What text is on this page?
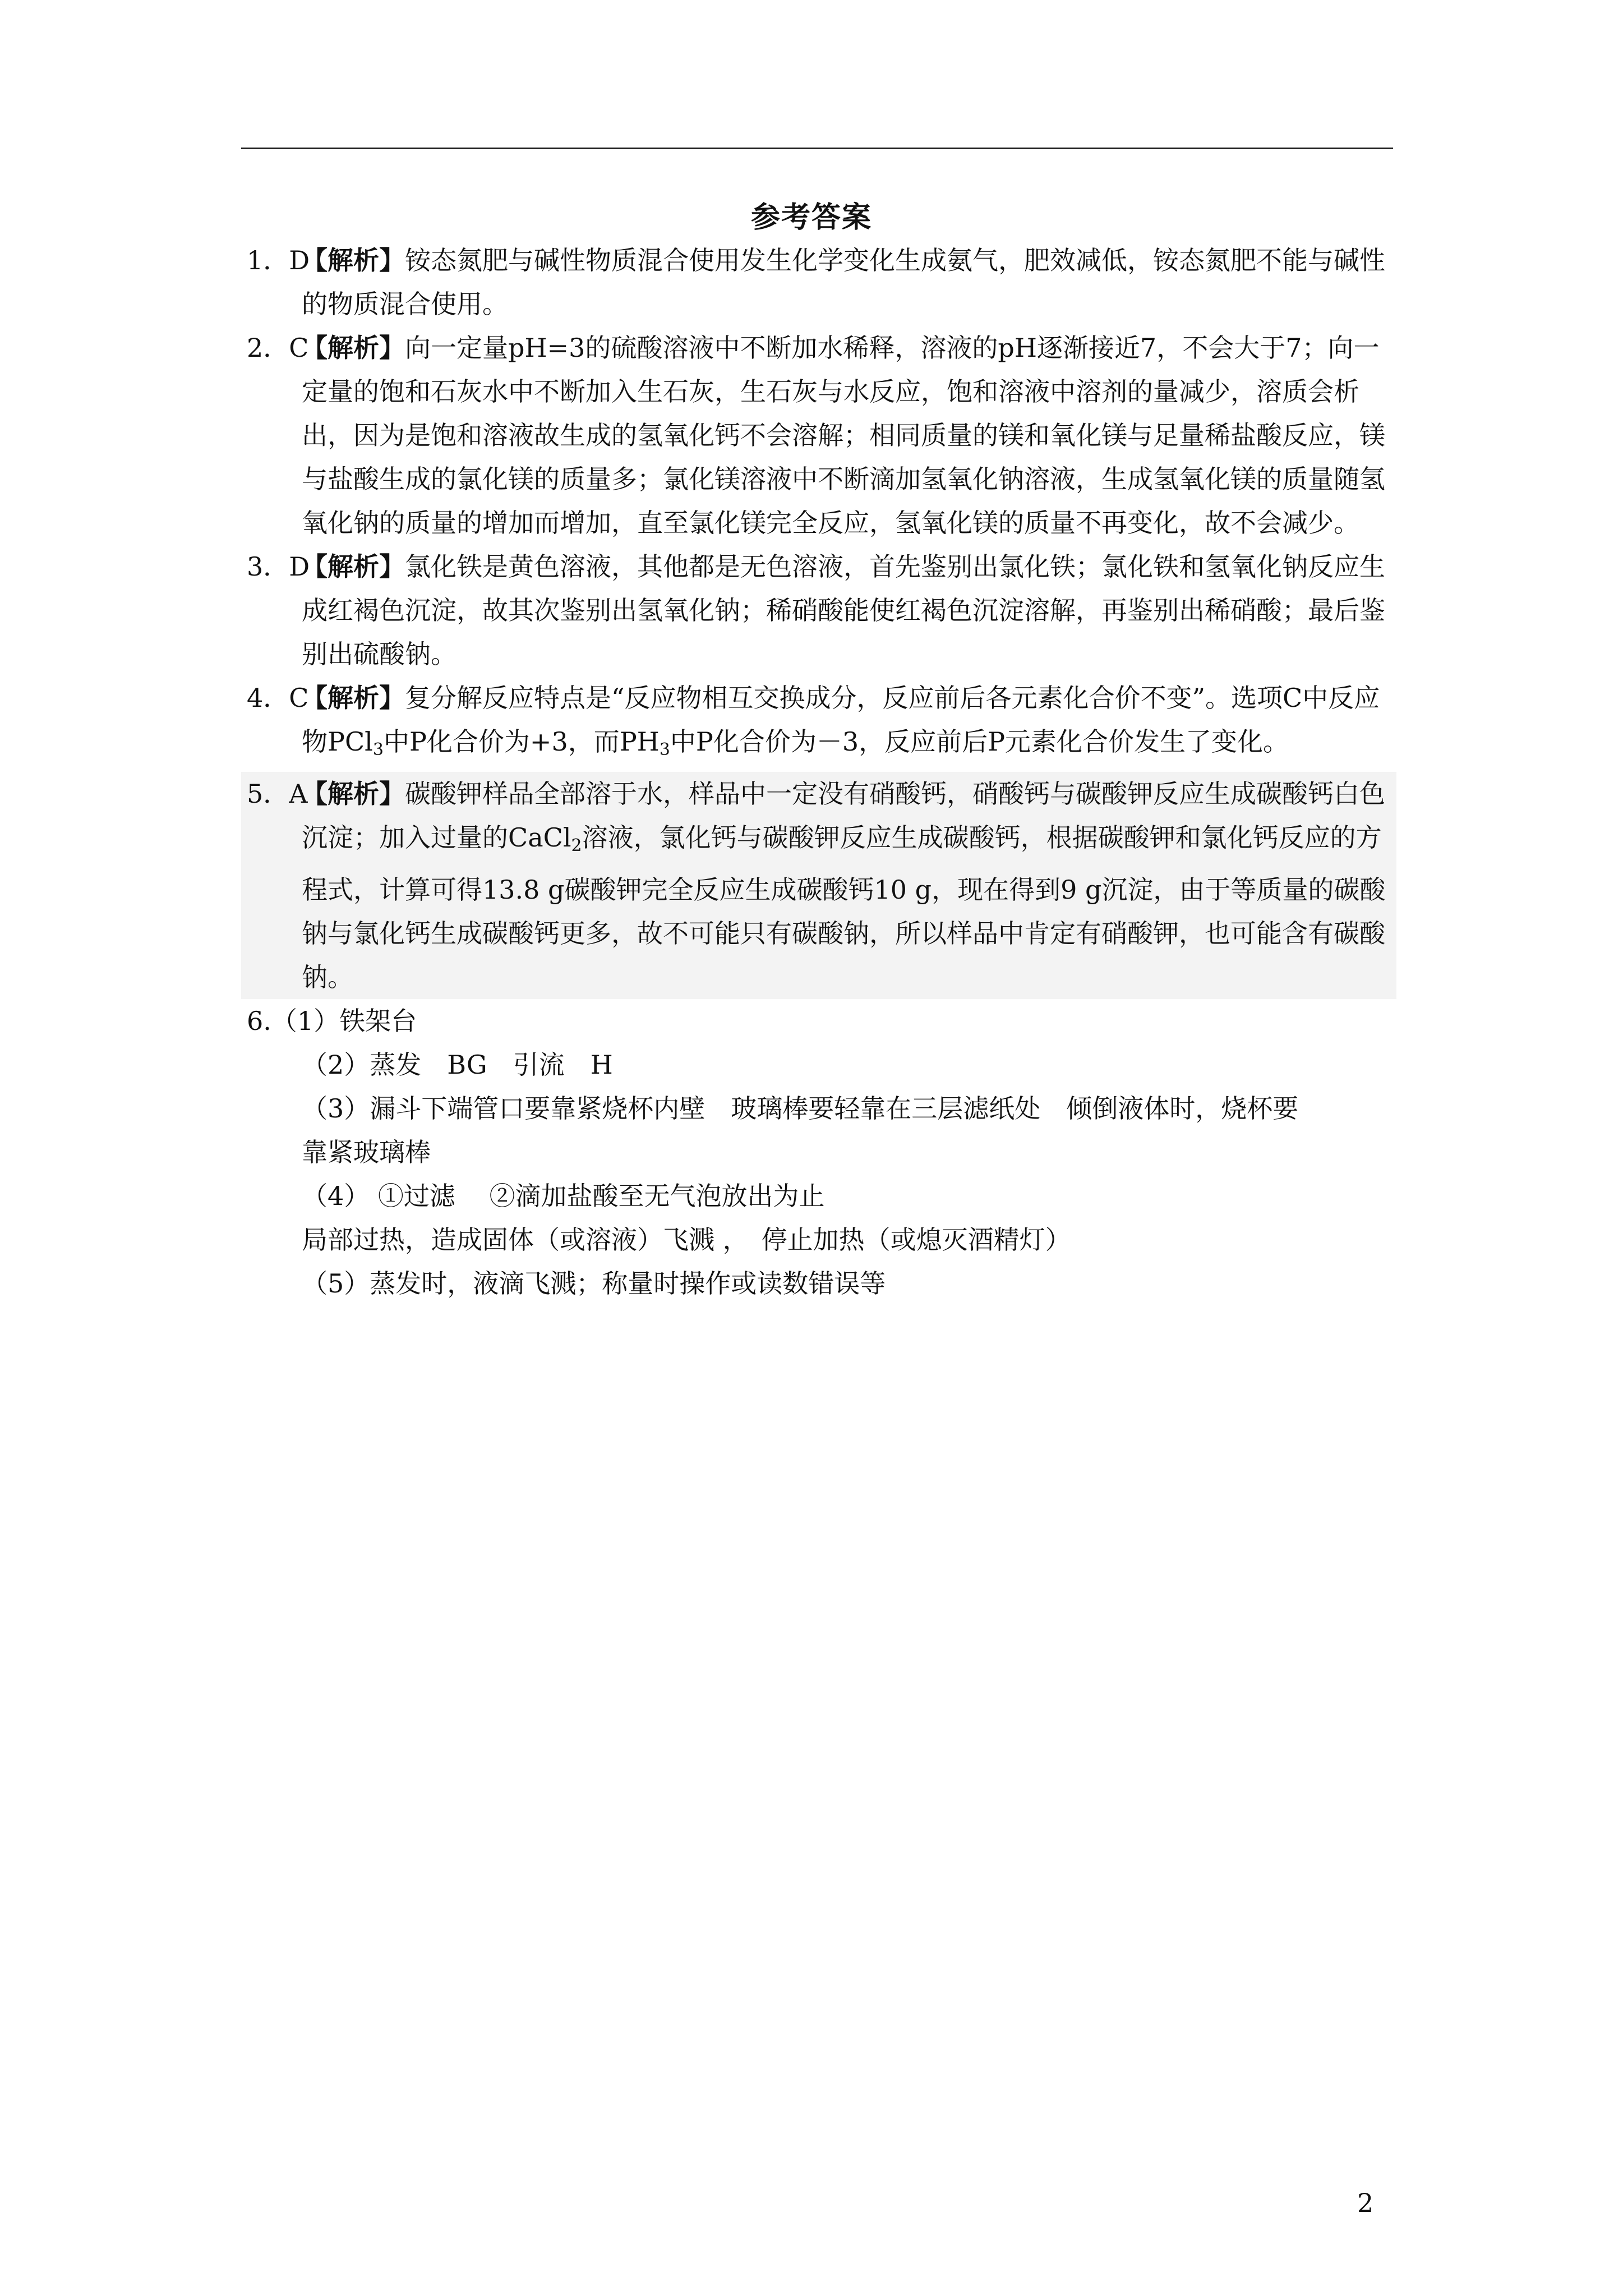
参考答案
1．D
【解析】铵态氮肥与碱性物质混合使用发生化学变化生成氨气，肥效减低，铵态氮肥不能与碱性的物质混合使用。
2．C
【解析】向一定量pH=3的硫酸溶液中不断加水稀释，溶液的pH逐渐接近7，不会大于7；向一定量的饱和石灰水中不断加入生石灰，生石灰与水反应，饱和溶液中溶剂的量减少，溶质会析出，因为是饱和溶液故生成的氢氧化钙不会溶解；相同质量的镁和氧化镁与足量稀盐酸反应，镁与盐酸生成的氯化镁的质量多；氯化镁溶液中不断滴加氢氧化钠溶液，生成氢氧化镁的质量随氢氧化钠的质量的增加而增加，直至氯化镁完全反应，氢氧化镁的质量不再变化，故不会减少。
3．D
【解析】氯化铁是黄色溶液，其他都是无色溶液，首先鉴别出氯化铁；氯化铁和氢氧化钠反应生成红褐色沉淀，故其次鉴别出氢氧化钠；稀硝酸能使红褐色沉淀溶解，再鉴别出稀硝酸；最后鉴别出硫酸钠。
4．C
【解析】复分解反应特点是“反应物相互交换成分，反应前后各元素化合价不变”。选项C中反应物PCl$_3$中P化合价为+3，而$PH_3$中P化合价为－3，反应前后P元素化合价发生了变化。
5．A
【解析】碳酸钾样品全部溶于水，样品中一定没有硝酸钙，硝酸钙与碳酸钾反应生成碳酸钙白色沉淀；加入过量的CaCl$_2$溶液，氯化钙与碳酸钾反应生成碳酸钙，根据碳酸钾和氯化钙反应的方程式，计算可得13.8 g碳酸钾完全反应生成碳酸钙10 g，现在得到9 g沉淀，由于等质量的碳酸钠与氯化钙生成碳酸钙更多，故不可能只有碳酸钠，所以样品中肯定有硝酸钾，也可能含有碳酸钠。
6.（1）铁架台
（2）蒸发　BG　引流　H
（3）漏斗下端管口要靠紧烧杯内壁　玻璃棒要轻靠在三层滤纸处　倾倒液体时，烧杯要
靠紧玻璃棒
（4） ①过滤　 ②滴加盐酸至无气泡放出为止
局部过热，造成固体（或溶液）飞溅 ，　停止加热（或熄灭酒精灯）
（5）蒸发时，液滴飞溅；称量时操作或读数错误等
2
